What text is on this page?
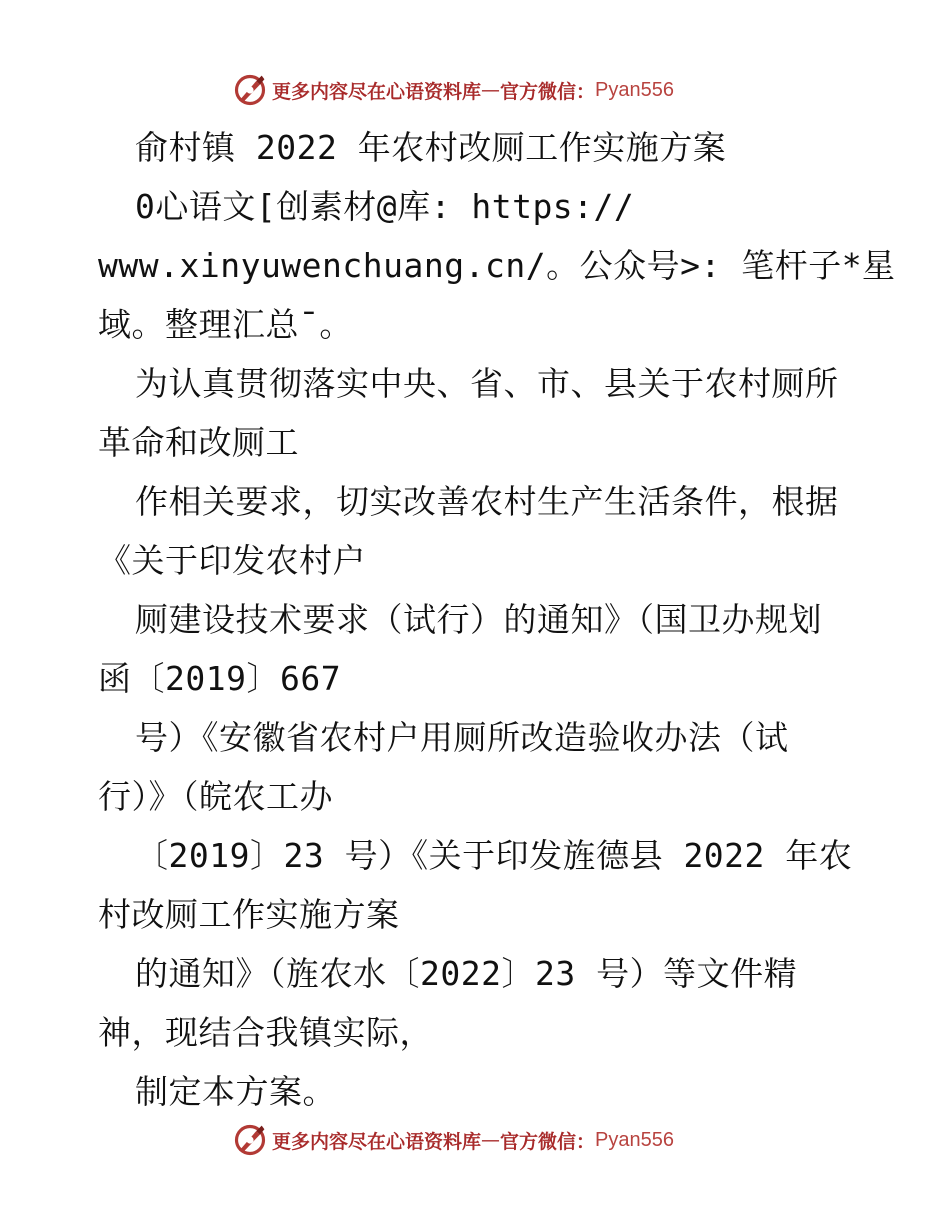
更多内容尽在心语资料库 — 官方微信： Pyan556
俞村镇 2022 年农村改厕工作实施方案
0心语文[创素材@库: https://
www.xinyuwenchuang.cn/。公众号>: 笔杆子*星
域。整理汇总¯。
为认真贯彻落实中央、省、市、县关于农村厕所
革命和改厕工
作相关要求，切实改善农村生产生活条件，根据
《关于印发农村户
厕建设技术要求（试行）的通知》（国卫办规划
函〔2019〕667
号）《安徽省农村户用厕所改造验收办法（试
行）》（皖农工办
〔2019〕23 号）《关于印发旌德县 2022 年农
村改厕工作实施方案
的通知》（旌农水〔2022〕23 号）等文件精
神，现结合我镇实际，
制定本方案。
更多内容尽在心语资料库 — 官方微信： Pyan556
